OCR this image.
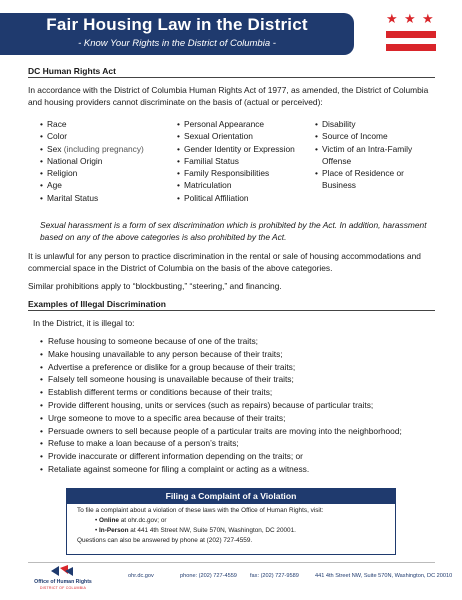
Fair Housing Law in the District
- Know Your Rights in the District of Columbia -
★ ★ ★
DC Human Rights Act

In accordance with the District of Columbia Human Rights Act of 1977, as amended, the District of Columbia and housing providers cannot discriminate on the basis of (actual or perceived):

• Race
• Color
• Sex (including pregnancy)
• National Origin
• Religion
• Age
• Marital Status
• Personal Appearance
• Sexual Orientation
• Gender Identity or Expression
• Familial Status
• Family Responsibilities
• Matriculation
• Political Affiliation
• Disability
• Source of Income
• Victim of an Intra-Family Offense
• Place of Residence or Business

Sexual harassment is a form of sex discrimination which is prohibited by the Act. In addition, harassment based on any of the above categories is also prohibited by the Act.

It is unlawful for any person to practice discrimination in the rental or sale of housing accommodations and commercial space in the District of Columbia on the basis of the above categories.

Similar prohibitions apply to “blockbusting,” “steering,” and financing.

Examples of Illegal Discrimination

In the District, it is illegal to:

• Refuse housing to someone because of one of the traits;
• Make housing unavailable to any person because of their traits;
• Advertise a preference or dislike for a group because of their traits;
• Falsely tell someone housing is unavailable because of their traits;
• Establish different terms or conditions because of their traits;
• Provide different housing, units or services (such as repairs) because of particular traits;
• Urge someone to move to a specific area because of their traits;
• Persuade owners to sell because people of a particular traits are moving into the neighborhood;
• Refuse to make a loan because of a person’s traits;
• Provide inaccurate or different information depending on the traits; or
• Retaliate against someone for filing a complaint or acting as a witness.
Filing a Complaint of a Violation
To file a complaint about a violation of these laws with the Office of Human Rights, visit:
• Online at ohr.dc.gov; or
• In-Person at 441 4th Street NW, Suite 570N, Washington, DC 20001.
Questions can also be answered by phone at (202) 727-4559.
Office of Human Rights
DISTRICT OF COLUMBIA
ohr.dc.gov	phone: (202) 727-4559 fax: (202) 727-9589	441 4th Street NW, Suite 570N, Washington, DC 20010
